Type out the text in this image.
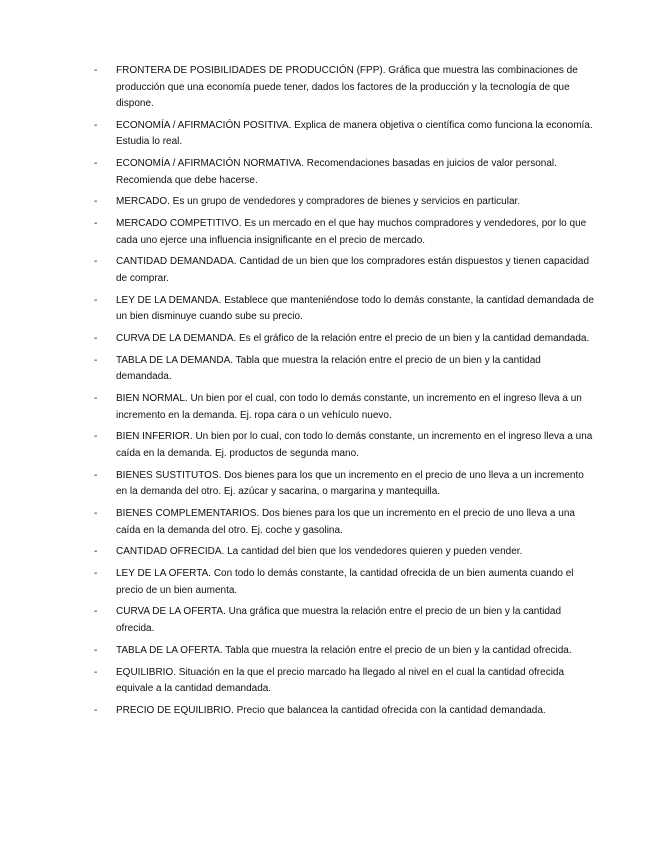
-	FRONTERA DE POSIBILIDADES DE PRODUCCIÓN (FPP). Gráfica que muestra las combinaciones de producción que una economía puede tener, dados los factores de la producción y la tecnología de que dispone.
-	ECONOMÍA / AFIRMACIÓN POSITIVA. Explica de manera objetiva o científica como funciona la economía. Estudia lo real.
-	ECONOMÍA / AFIRMACIÓN NORMATIVA. Recomendaciones basadas en juicios de valor personal. Recomienda que debe hacerse.
-	MERCADO. Es un grupo de vendedores y compradores de bienes y servicios en particular.
-	MERCADO COMPETITIVO. Es un mercado en el que hay muchos compradores y vendedores, por lo que cada uno ejerce una influencia insignificante en el precio de mercado.
-	CANTIDAD DEMANDADA. Cantidad de un bien que los compradores están dispuestos y tienen capacidad de comprar.
-	LEY DE LA DEMANDA. Establece que manteniéndose todo lo demás constante, la cantidad demandada de un bien disminuye cuando sube su precio.
-	CURVA DE LA DEMANDA. Es el gráfico de la relación entre el precio de un bien y la cantidad demandada.
-	TABLA DE LA DEMANDA. Tabla que muestra la relación entre el precio de un bien y la cantidad demandada.
-	BIEN NORMAL. Un bien por el cual, con todo lo demás constante, un incremento en el ingreso lleva a un incremento en la demanda. Ej. ropa cara o un vehículo nuevo.
-	BIEN INFERIOR. Un bien por lo cual, con todo lo demás constante, un incremento en el ingreso lleva a una caída en la demanda. Ej. productos de segunda mano.
-	BIENES SUSTITUTOS. Dos bienes para los que un incremento en el precio de uno lleva a un incremento en la demanda del otro. Ej. azúcar y sacarina, o margarina y mantequilla.
-	BIENES COMPLEMENTARIOS. Dos bienes para los que un incremento en el precio de uno lleva a una caída en la demanda del otro. Ej. coche y gasolina.
-	CANTIDAD OFRECIDA. La cantidad del bien que los vendedores quieren y pueden vender.
-	LEY DE LA OFERTA. Con todo lo demás constante, la cantidad ofrecida de un bien aumenta cuando el precio de un bien aumenta.
-	CURVA DE LA OFERTA. Una gráfica que muestra la relación entre el precio de un bien y la cantidad ofrecida.
-	TABLA DE LA OFERTA. Tabla que muestra la relación entre el precio de un bien y la cantidad ofrecida.
-	EQUILIBRIO. Situación en la que el precio marcado ha llegado al nivel en el cual la cantidad ofrecida equivale a la cantidad demandada.
-	PRECIO DE EQUILIBRIO. Precio que balancea la cantidad ofrecida con la cantidad demandada.
